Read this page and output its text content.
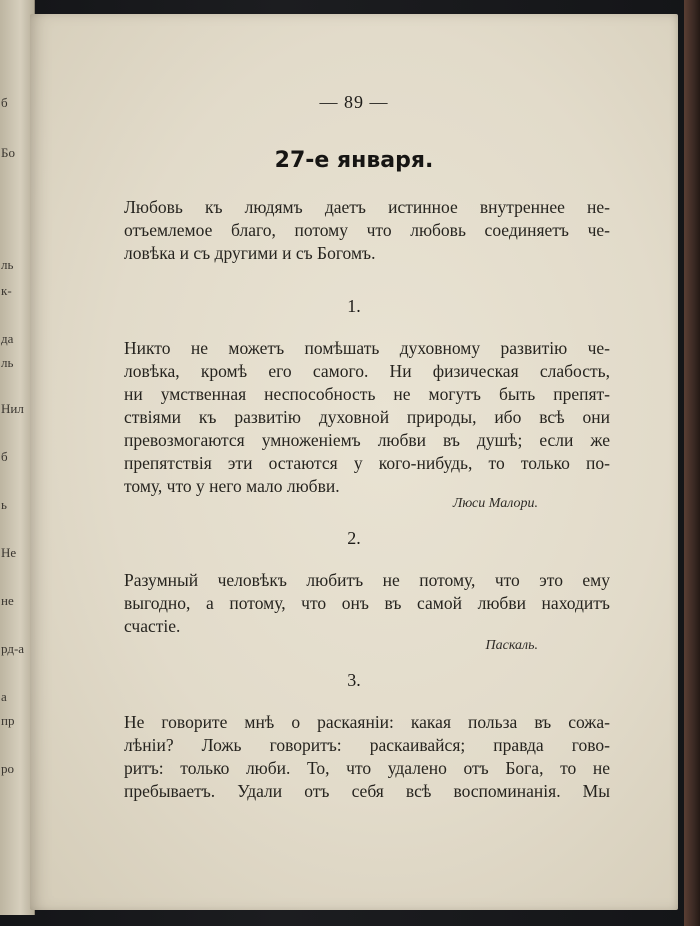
б
Бо
ль
к-
да
ль
Нил
б
ь
Не
не
рд-а
а
пр
ро
— 89 —
27-е января.
Любовь къ людямъ даетъ истинное внутреннее не-
отъемлемое благо, потому что любовь соединяетъ че-
ловѣка и съ другими и съ Богомъ.
1.
Никто не можетъ помѣшать духовному развитію че-
ловѣка, кромѣ его самого. Ни физическая слабость,
ни умственная неспособность не могутъ быть препят-
ствіями къ развитію духовной природы, ибо всѣ они
превозмогаются умноженіемъ любви въ душѣ; если же
препятствія эти остаются у кого-нибудь, то только по-
тому, что у него мало любви.
Люси Малори.
2.
Разумный человѣкъ любитъ не потому, что это ему
выгодно, а потому, что онъ въ самой любви находитъ
счастіе.
Паскаль.
3.
Не говорите мнѣ о раскаяніи: какая польза въ сожа-
лѣніи? Ложь говоритъ: раскаивайся; правда гово-
ритъ: только люби. То, что удалено отъ Бога, то не
пребываетъ. Удали отъ себя всѣ воспоминанія. Мы
